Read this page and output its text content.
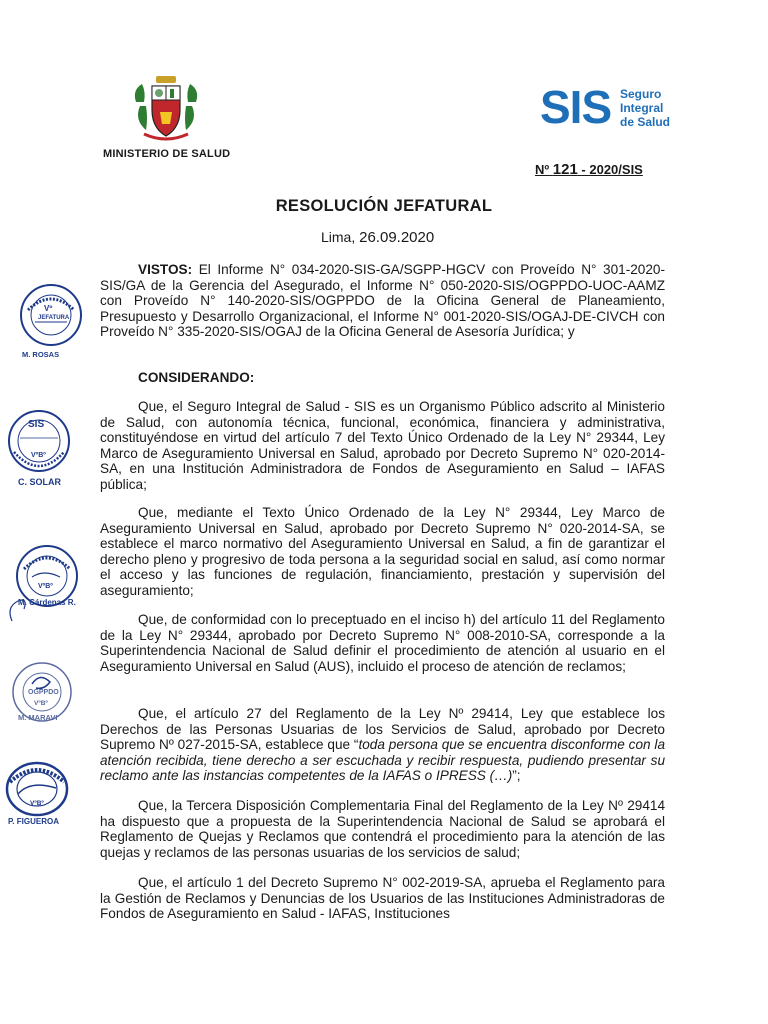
MINISTERIO DE SALUD
SIS Seguro
Integral
de Salud
Nº 121 - 2020/SIS
RESOLUCIÓN JEFATURAL
Lima, 26.09.2020

VISTOS: El Informe N° 034-2020-SIS-GA/SGPP-HGCV con Proveído N° 301-2020-SIS/GA de la Gerencia del Asegurado, el Informe N° 050-2020-SIS/OGPPDO-UOC-AAMZ con Proveído N° 140-2020-SIS/OGPPDO de la Oficina General de Planeamiento, Presupuesto y Desarrollo Organizacional, el Informe N° 001-2020-SIS/OGAJ-DE-CIVCH con Proveído N° 335-2020-SIS/OGAJ de la Oficina General de Asesoría Jurídica; y

CONSIDERANDO:

Que, el Seguro Integral de Salud - SIS es un Organismo Público adscrito al Ministerio de Salud, con autonomía técnica, funcional, económica, financiera y administrativa, constituyéndose en virtud del artículo 7 del Texto Único Ordenado de la Ley N° 29344, Ley Marco de Aseguramiento Universal en Salud, aprobado por Decreto Supremo N° 020-2014-SA, en una Institución Administradora de Fondos de Aseguramiento en Salud – IAFAS pública;

Que, mediante el Texto Único Ordenado de la Ley N° 29344, Ley Marco de Aseguramiento Universal en Salud, aprobado por Decreto Supremo N° 020-2014-SA, se establece el marco normativo del Aseguramiento Universal en Salud, a fin de garantizar el derecho pleno y progresivo de toda persona a la seguridad social en salud, así como normar el acceso y las funciones de regulación, financiamiento, prestación y supervisión del aseguramiento;

Que, de conformidad con lo preceptuado en el inciso h) del artículo 11 del Reglamento de la Ley N° 29344, aprobado por Decreto Supremo N° 008-2010-SA, corresponde a la Superintendencia Nacional de Salud definir el procedimiento de atención al usuario en el Aseguramiento Universal en Salud (AUS), incluido el proceso de atención de reclamos;

Que, el artículo 27 del Reglamento de la Ley Nº 29414, Ley que establece los Derechos de las Personas Usuarias de los Servicios de Salud, aprobado por Decreto Supremo Nº 027-2015-SA, establece que “toda persona que se encuentra disconforme con la atención recibida, tiene derecho a ser escuchada y recibir respuesta, pudiendo presentar su reclamo ante las instancias competentes de la IAFAS o IPRESS (…)”;

Que, la Tercera Disposición Complementaria Final del Reglamento de la Ley Nº 29414 ha dispuesto que a propuesta de la Superintendencia Nacional de Salud se aprobará el Reglamento de Quejas y Reclamos que contendrá el procedimiento para la atención de las quejas y reclamos de las personas usuarias de los servicios de salud;

Que, el artículo 1 del Decreto Supremo N° 002-2019-SA, aprueba el Reglamento para la Gestión de Reclamos y Denuncias de los Usuarios de las Instituciones Administradoras de Fondos de Aseguramiento en Salud - IAFAS, Instituciones

Vº
JEFATURA
M. ROSAS
SIS
VºBº
C. SOLAR
VºBº
M. Cárdenas R.
OGPPDO
VºBº
M. MARAVI
VºBº
P. FIGUEROA
